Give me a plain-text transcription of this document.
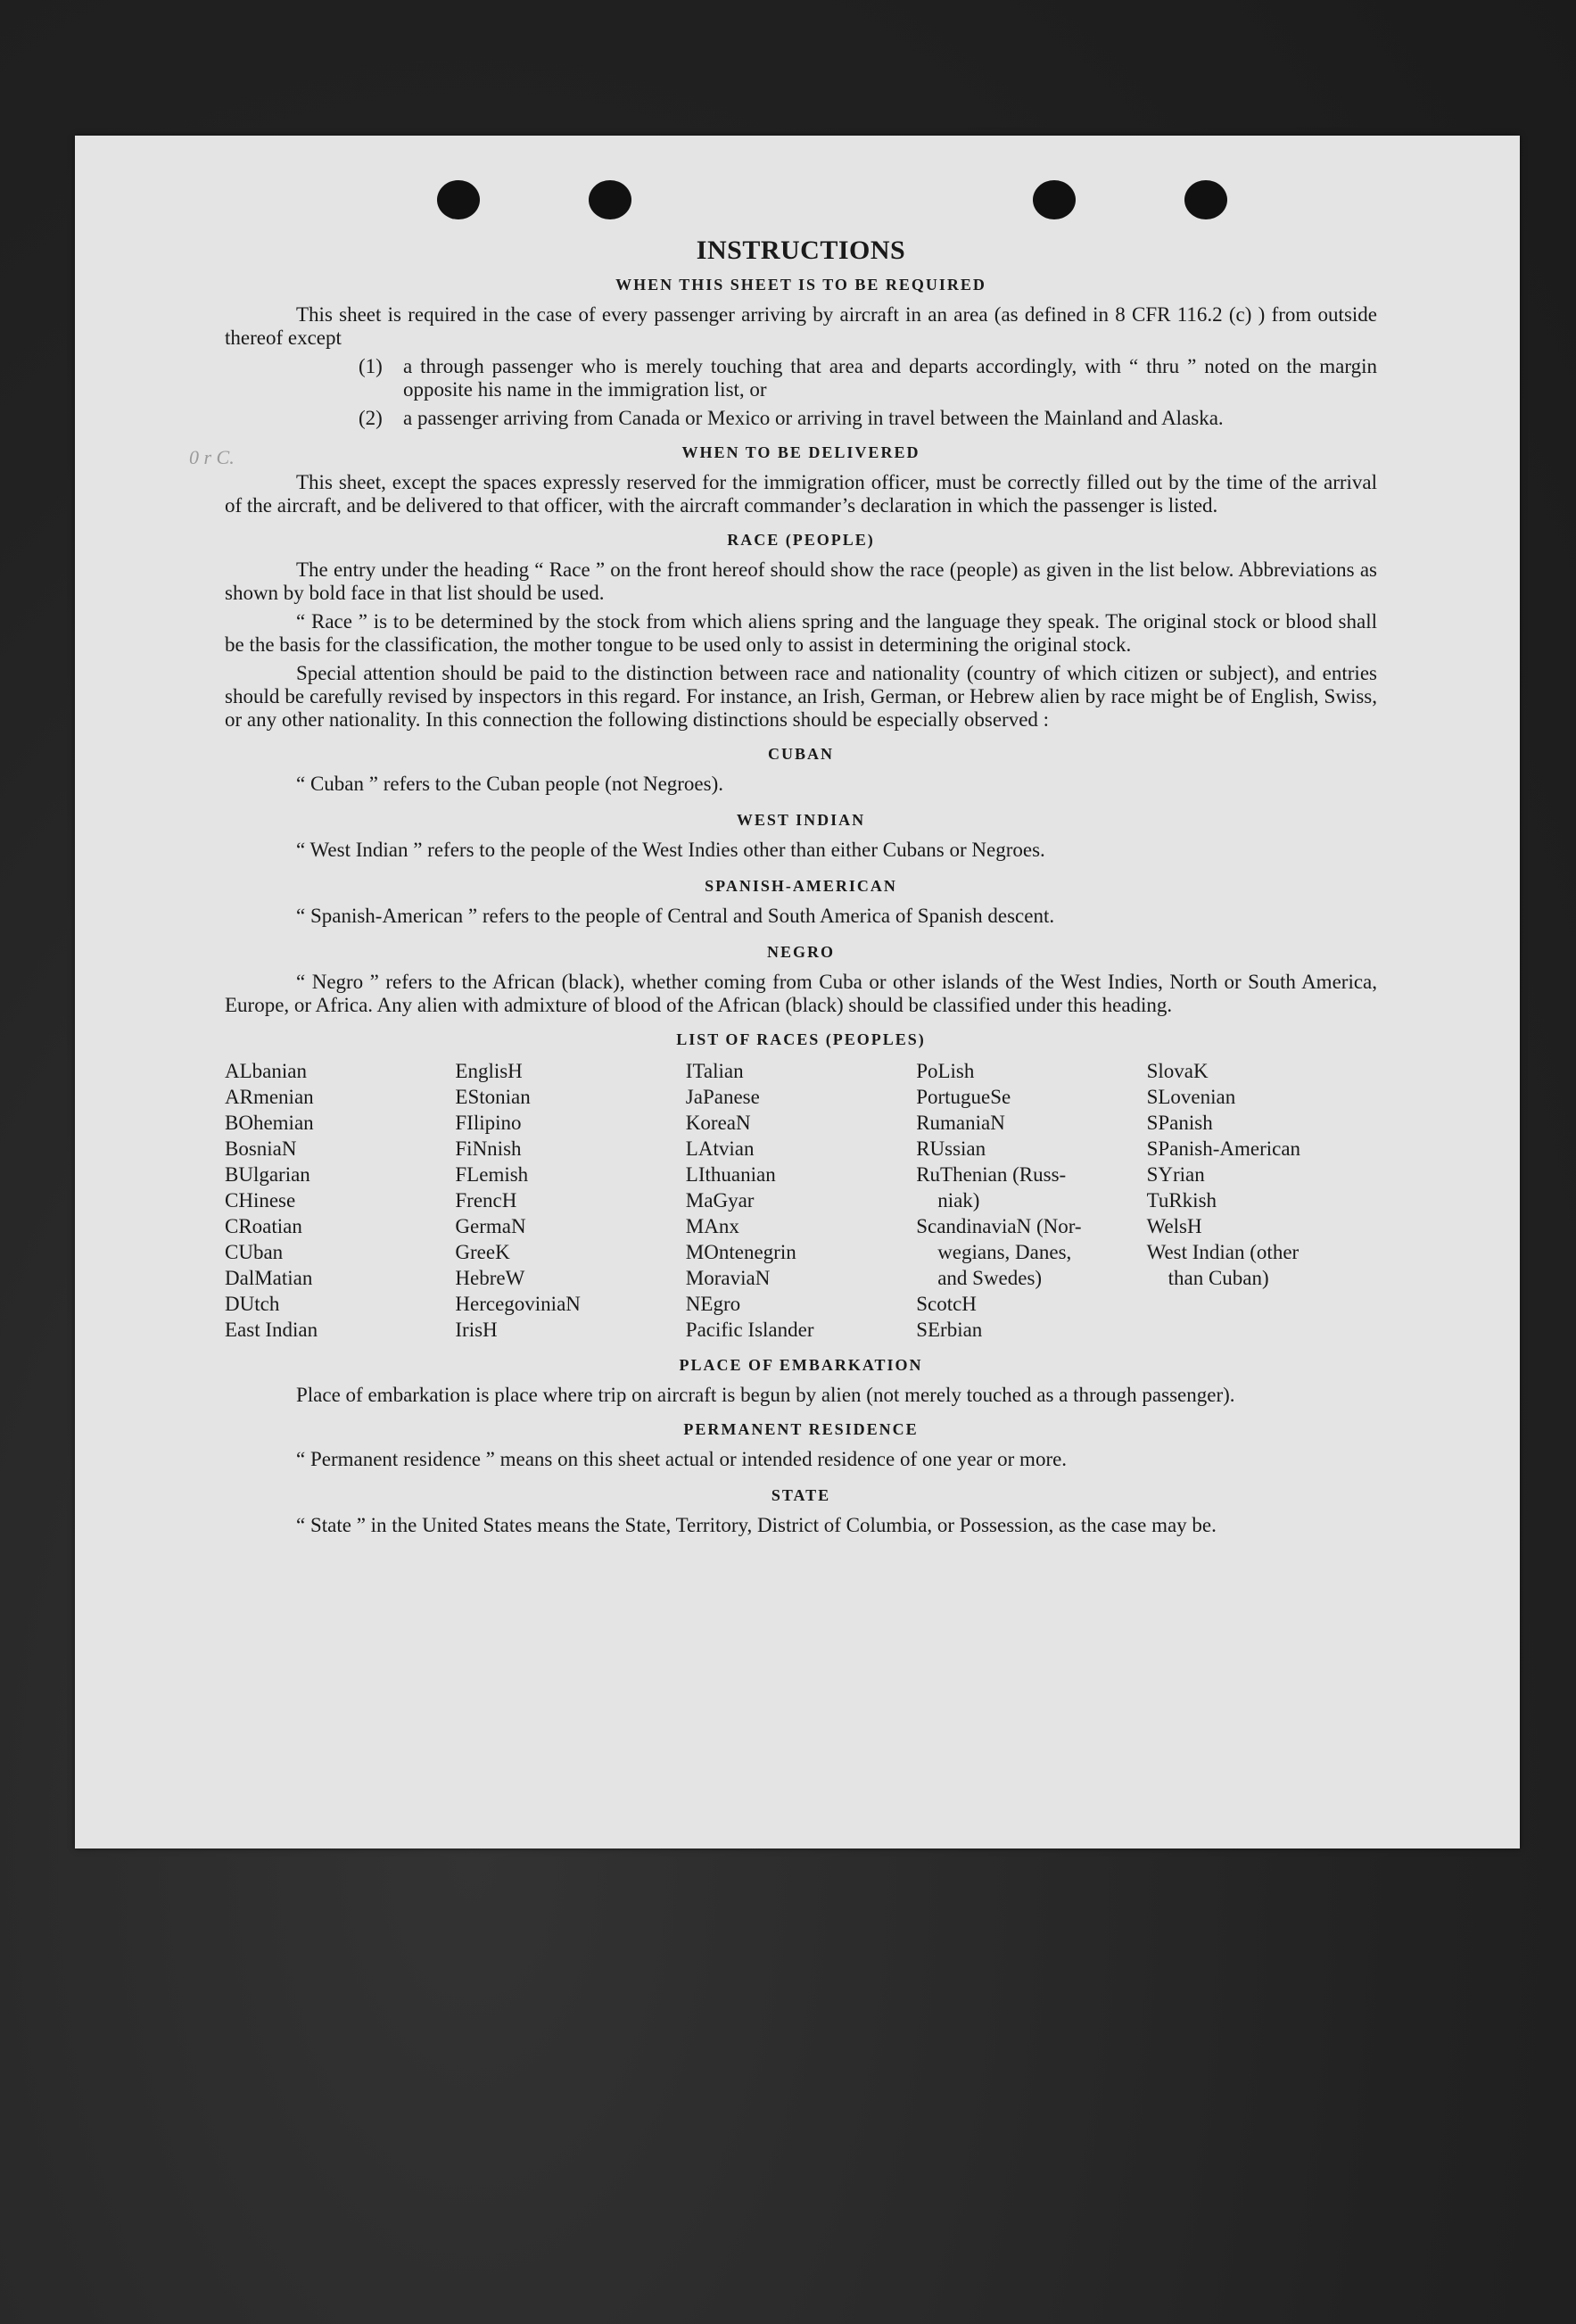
0 r C.
INSTRUCTIONS
WHEN THIS SHEET IS TO BE REQUIRED
This sheet is required in the case of every passenger arriving by aircraft in an area (as defined in 8 CFR 116.2 (c) ) from outside thereof except
(1)	a through passenger who is merely touching that area and departs accordingly, with “ thru ” noted on the margin opposite his name in the immigration list, or
(2)	a passenger arriving from Canada or Mexico or arriving in travel between the Mainland and Alaska.
WHEN TO BE DELIVERED
This sheet, except the spaces expressly reserved for the immigration officer, must be correctly filled out by the time of the arrival of the aircraft, and be delivered to that officer, with the aircraft commander’s declaration in which the passenger is listed.
RACE (PEOPLE)
The entry under the heading “ Race ” on the front hereof should show the race (people) as given in the list below. Abbreviations as shown by bold face in that list should be used.
“ Race ” is to be determined by the stock from which aliens spring and the language they speak. The original stock or blood shall be the basis for the classification, the mother tongue to be used only to assist in determining the original stock.
Special attention should be paid to the distinction between race and nationality (country of which citizen or subject), and entries should be carefully revised by inspectors in this regard. For instance, an Irish, German, or Hebrew alien by race might be of English, Swiss, or any other nationality. In this connection the following distinctions should be especially observed :
CUBAN
“ Cuban ” refers to the Cuban people (not Negroes).
WEST INDIAN
“ West Indian ” refers to the people of the West Indies other than either Cubans or Negroes.
SPANISH-AMERICAN
“ Spanish-American ” refers to the people of Central and South America of Spanish descent.
NEGRO
“ Negro ” refers to the African (black), whether coming from Cuba or other islands of the West Indies, North or South America, Europe, or Africa. Any alien with admixture of blood of the African (black) should be classified under this heading.
LIST OF RACES (PEOPLES)
ALbanian
ARmenian
BOhemian
BosniaN
BUlgarian
CHinese
CRoatian
CUban
DalMatian
DUtch
East Indian
EnglisH
EStonian
FIlipino
FiNnish
FLemish
FrencH
GermaN
GreeK
HebreW
HercegoviniaN
IrisH
ITalian
JaPanese
KoreaN
LAtvian
LIthuanian
MaGyar
MAnx
MOntenegrin
MoraviaN
NEgro
Pacific Islander
PoLish
PortugueSe
RumaniaN
RUssian
RuThenian (Russ-
niak)
ScandinaviaN (Nor-
wegians, Danes,
and Swedes)
ScotcH
SErbian
SlovaK
SLovenian
SPanish
SPanish-American
SYrian
TuRkish
WelsH
West Indian (other
than Cuban)
PLACE OF EMBARKATION
Place of embarkation is place where trip on aircraft is begun by alien (not merely touched as a through passenger).
PERMANENT RESIDENCE
“ Permanent residence ” means on this sheet actual or intended residence of one year or more.
STATE
“ State ” in the United States means the State, Territory, District of Columbia, or Possession, as the case may be.
